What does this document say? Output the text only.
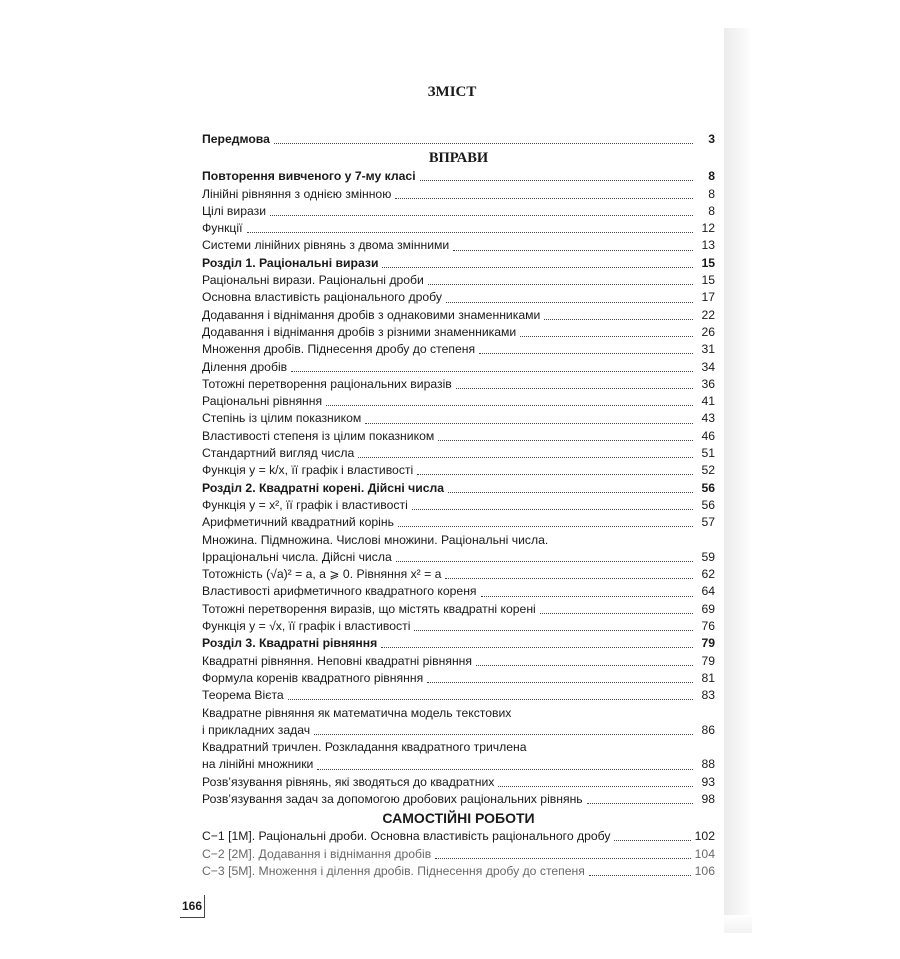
ЗМІСТ
Передмова	3
ВПРАВИ
Повторення вивченого у 7-му класі	8
Лінійні рівняння з однією змінною	8
Цілі вирази	8
Функції	12
Системи лінійних рівнянь з двома змінними	13
Розділ 1. Раціональні вирази	15
Раціональні вирази. Раціональні дроби	15
Основна властивість раціонального дробу	17
Додавання і віднімання дробів з однаковими знаменниками	22
Додавання і віднімання дробів з різними знаменниками	26
Множення дробів. Піднесення дробу до степеня	31
Ділення дробів	34
Тотожні перетворення раціональних виразів	36
Раціональні рівняння	41
Степінь із цілим показником	43
Властивості степеня із цілим показником	46
Стандартний вигляд числа	51
Функція y = k/x, її графік і властивості	52
Розділ 2. Квадратні корені. Дійсні числа	56
Функція y = x², її графік і властивості	56
Арифметичний квадратний корінь	57
Множина. Підмножина. Числові множини. Раціональні числа.
Ірраціональні числа. Дійсні числа	59
Тотожність (√a)² = a, a ⩾ 0. Рівняння x² = a	62
Властивості арифметичного квадратного кореня	64
Тотожні перетворення виразів, що містять квадратні корені	69
Функція y = √x, її графік і властивості	76
Розділ 3. Квадратні рівняння	79
Квадратні рівняння. Неповні квадратні рівняння	79
Формула коренів квадратного рівняння	81
Теорема Вієта	83
Квадратне рівняння як математична модель текстових
і прикладних задач	86
Квадратний тричлен. Розкладання квадратного тричлена
на лінійні множники	88
Розв’язування рівнянь, які зводяться до квадратних	93
Розв’язування задач за допомогою дробових раціональних рівнянь	98
САМОСТІЙНІ РОБОТИ
С−1 [1М]. Раціональні дроби. Основна властивість раціонального дробу	102
С−2 [2М]. Додавання і віднімання дробів	104
С−3 [5М]. Множення і ділення дробів. Піднесення дробу до степеня	106
166
